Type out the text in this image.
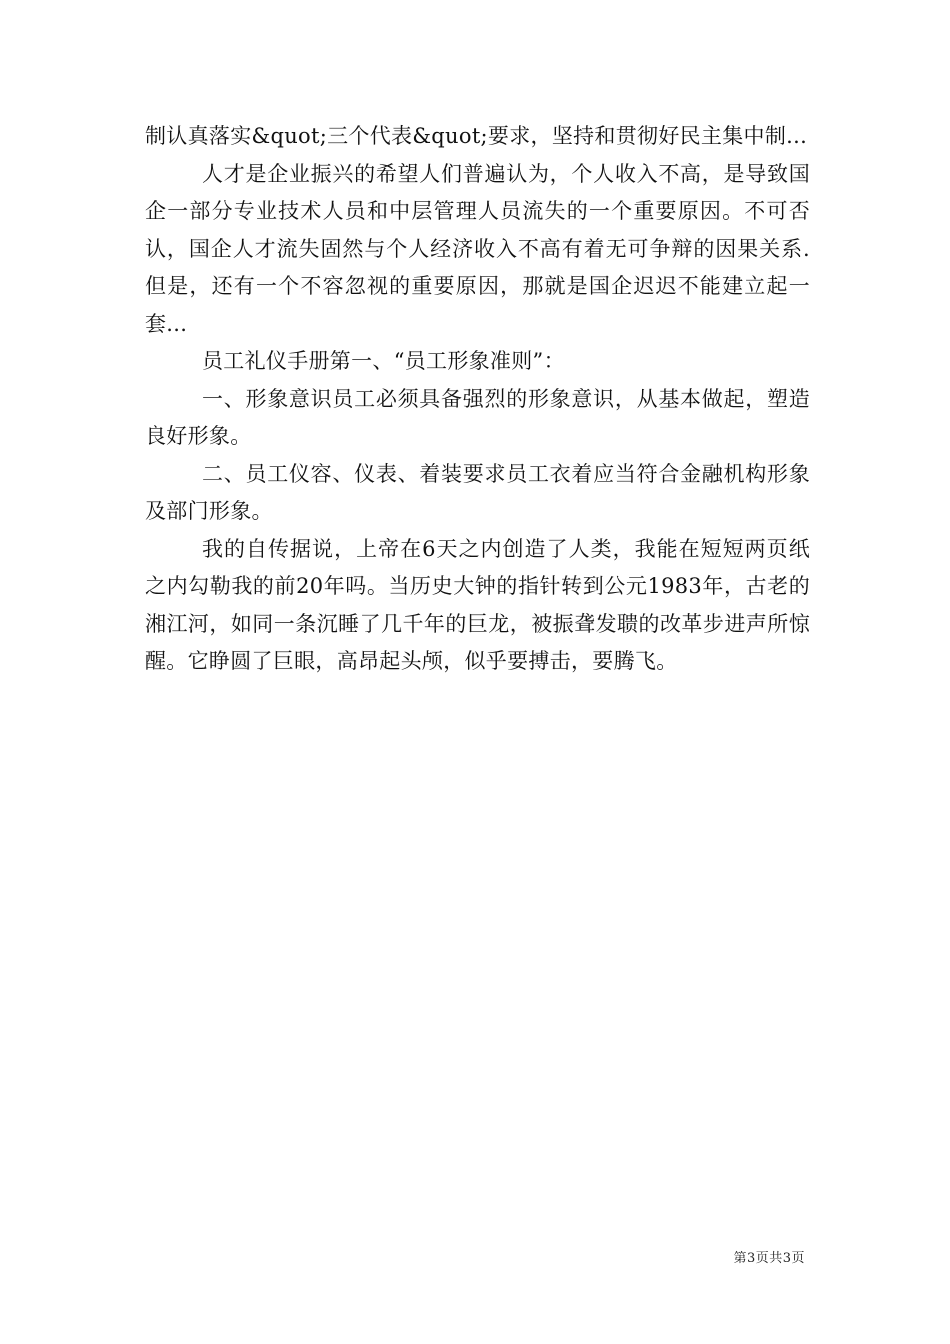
制认真落实&quot;三个代表&quot;要求，坚持和贯彻好民主集中制...

人才是企业振兴的希望人们普遍认为，个人收入不高，是导致国企一部分专业技术人员和中层管理人员流失的一个重要原因。不可否认，国企人才流失固然与个人经济收入不高有着无可争辩的因果关系.但是，还有一个不容忽视的重要原因，那就是国企迟迟不能建立起一套...

员工礼仪手册第一、“员工形象准则”：

一、形象意识员工必须具备强烈的形象意识，从基本做起，塑造良好形象。

二、员工仪容、仪表、着装要求员工衣着应当符合金融机构形象及部门形象。

我的自传据说，上帝在6天之内创造了人类，我能在短短两页纸之内勾勒我的前20年吗。当历史大钟的指针转到公元1983年，古老的湘江河，如同一条沉睡了几千年的巨龙，被振聋发聩的改革步进声所惊醒。它睁圆了巨眼，高昂起头颅，似乎要搏击，要腾飞。

第3页共3页
